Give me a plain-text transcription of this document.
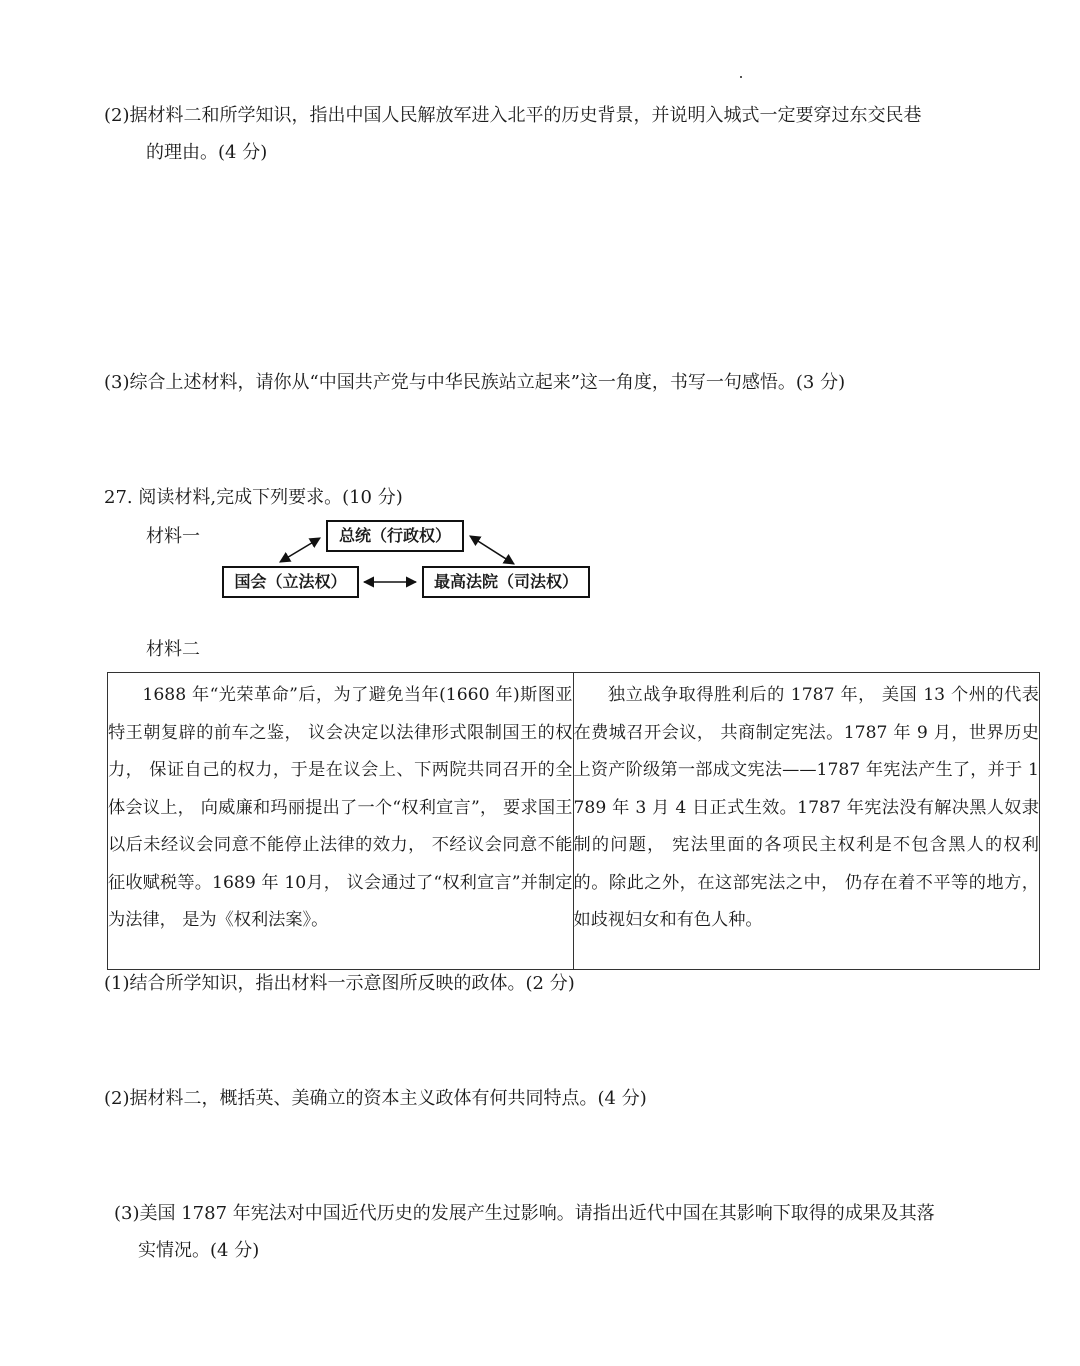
(2)据材料二和所学知识，指出中国人民解放军进入北平的历史背景，并说明入城式一定要穿过东交民巷
的理由。(4 分)
(3)综合上述材料，请你从“中国共产党与中华民族站立起来”这一角度，书写一句感悟。(3 分)
27. 阅读材料,完成下列要求。(10 分)
材料一	总统（行政权）
国会（立法权）	最高法院（司法权）
材料二

1688 年“光荣革命”后，为了避免当年(1660 年)斯图亚特王朝复辟的前车之鉴， 议会决定以法律形式限制国王的权力， 保证自己的权力，于是在议会上、下两院共同召开的全体会议上， 向威廉和玛丽提出了一个“权利宣言”， 要求国王以后未经议会同意不能停止法律的效力， 不经议会同意不能征收赋税等。1689 年 10月， 议会通过了“权利宣言”并制定为法律， 是为《权利法案》。

独立战争取得胜利后的 1787 年， 美国 13 个州的代表在费城召开会议， 共商制定宪法。1787 年 9 月，世界历史上资产阶级第一部成文宪法——1787 年宪法产生了，并于 1789 年 3 月 4 日正式生效。1787 年宪法没有解决黑人奴隶制的问题， 宪法里面的各项民主权利是不包含黑人的权利的。除此之外，在这部宪法之中， 仍存在着不平等的地方， 如歧视妇女和有色人种。

(1)结合所学知识，指出材料一示意图所反映的政体。(2 分)
(2)据材料二，概括英、美确立的资本主义政体有何共同特点。(4 分)
(3)美国 1787 年宪法对中国近代历史的发展产生过影响。请指出近代中国在其影响下取得的成果及其落
实情况。(4 分)
